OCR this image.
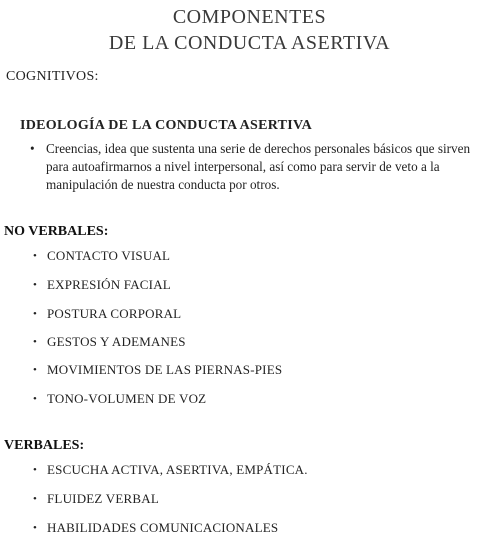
COMPONENTES
DE LA CONDUCTA ASERTIVA
COGNITIVOS:
IDEOLOGÍA DE LA CONDUCTA ASERTIVA
• Creencias, idea que sustenta una serie de derechos personales básicos que sirven para autoafirmarnos a nivel interpersonal, así como para servir de veto a la manipulación de nuestra conducta por otros.
NO VERBALES:
• CONTACTO VISUAL
• EXPRESIÓN FACIAL
• POSTURA CORPORAL
• GESTOS Y ADEMANES
• MOVIMIENTOS DE LAS PIERNAS-PIES
• TONO-VOLUMEN DE VOZ
VERBALES:
• ESCUCHA ACTIVA, ASERTIVA, EMPÁTICA.
• FLUIDEZ VERBAL
• HABILIDADES COMUNICACIONALES
